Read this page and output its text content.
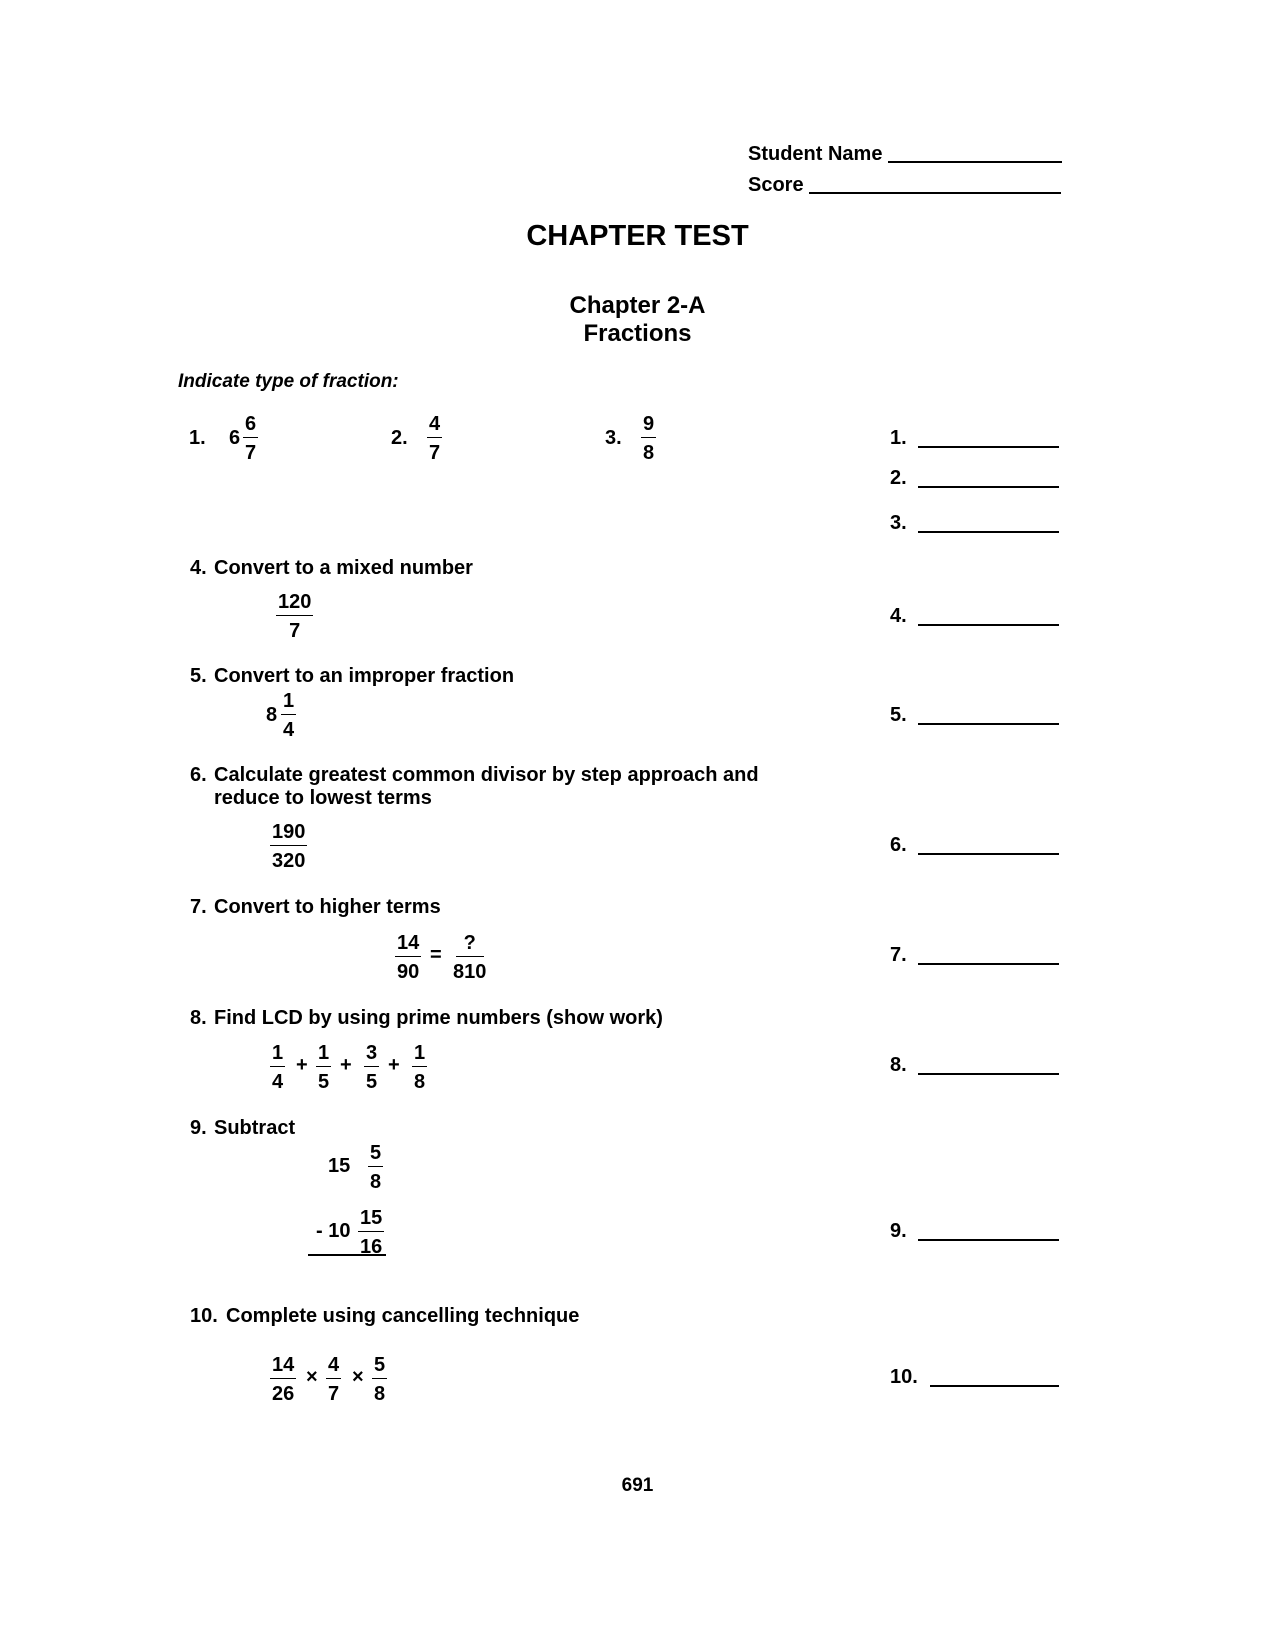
Student Name
Score
CHAPTER TEST
Chapter 2-A
Fractions
Indicate type of fraction:
1. $6 \frac{6}{7}$	2. $\frac{4}{7}$	3. $\frac{9}{8}$	1.
2.
3.
4.
5.
6.
7.
8.
9.
10.
4. Convert to a mixed number
$\frac{120}{7}$
5. Convert to an improper fraction
$8 \frac{1}{4}$
6. Calculate greatest common divisor by step approach and
reduce to lowest terms
$\frac{190}{320}$
7. Convert to higher terms
$\frac{14}{90}$ =
?
810
8. Find LCD by using prime numbers (show work)
$\frac{1}{4} + \frac{1}{5} + \frac{3}{5} + \frac{1}{8}$
9. Subtract
$15 \frac{5}{8}$
- $10 \frac{15}{16}$
10. Complete using cancelling technique
$\frac{14}{26} \times \frac{4}{7} \times \frac{5}{8}$
691
